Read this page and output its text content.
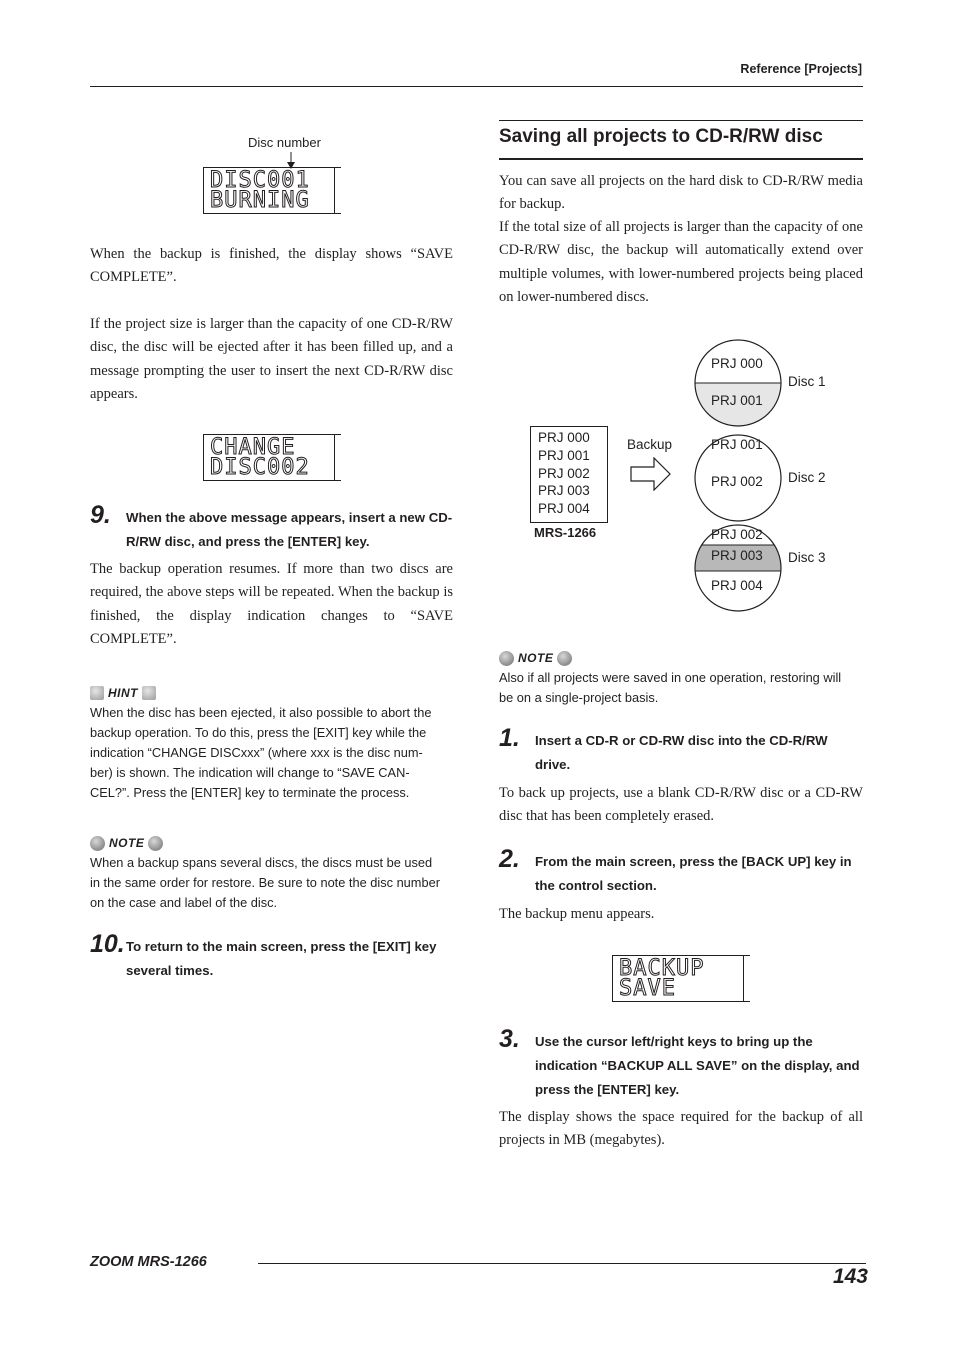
Reference [Projects]
Disc number
DISC001
BURNING

When the backup is finished, the display shows “SAVE COMPLETE”.

If the project size is larger than the capacity of one CD-R/RW disc, the disc will be ejected after it has been filled up, and a message prompting the user to insert the next CD-R/RW disc appears.

CHANGE
DISC002
9. When the above message appears, insert a new CD-R/RW disc, and press the [ENTER] key.

The backup operation resumes. If more than two discs are required, the above steps will be repeated. When the backup is finished, the display indication changes to “SAVE COMPLETE”.

HINT
When the disc has been ejected, it also possible to abort the
backup operation. To do this, press the [EXIT] key while the
indication “CHANGE DISCxxx” (where xxx is the disc num-
ber) is shown. The indication will change to “SAVE CAN-
CEL?”. Press the [ENTER] key to terminate the process.
NOTE
When a backup spans several discs, the discs must be used
in the same order for restore. Be sure to note the disc number
on the case and label of the disc.
10. To return to the main screen, press the [EXIT] key several times.
Saving all projects to CD-R/RW disc

You can save all projects on the hard disk to CD-R/RW media for backup.

If the total size of all projects is larger than the capacity of one CD-R/RW disc, the backup will automatically extend over multiple volumes, with lower-numbered projects being placed on lower-numbered discs.

PRJ 000
PRJ 001
PRJ 002
PRJ 003
PRJ 004
MRS-1266
Backup
PRJ 000
PRJ 001
Disc 1
PRJ 001
PRJ 002 Disc 2
PRJ 002
PRJ 003
PRJ 004
Disc 3
NOTE
Also if all projects were saved in one operation, restoring will
be on a single-project basis.
1. Insert a CD-R or CD-RW disc into the CD-R/RW drive.

To back up projects, use a blank CD-R/RW disc or a CD-RW disc that has been completely erased.

2. From the main screen, press the [BACK UP] key in the control section.

The backup menu appears.

BACKUP
SAVE
3. Use the cursor left/right keys to bring up the indication “BACKUP ALL SAVE” on the display, and press the [ENTER] key.

The display shows the space required for the backup of all projects in MB (megabytes).

ZOOM MRS-1266
143
